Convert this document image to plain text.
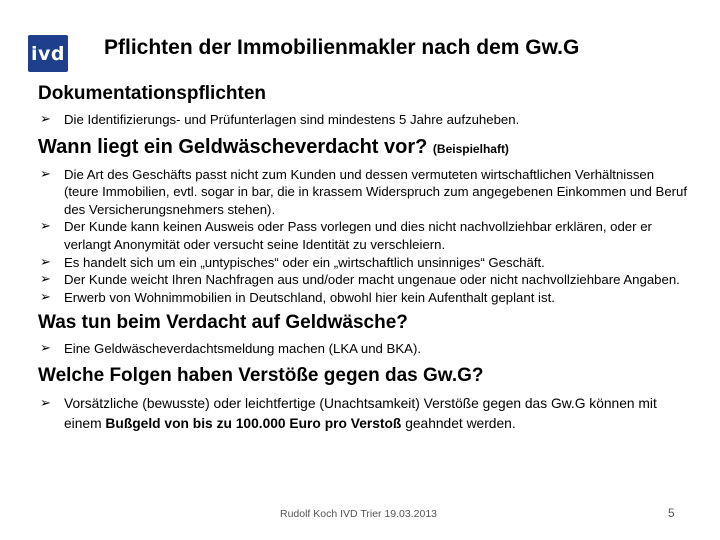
ivd Pflichten der Immobilienmakler nach dem Gw.G
Dokumentationspflichten
➢ Die Identifizierungs- und Prüfunterlagen sind mindestens 5 Jahre aufzuheben.
Wann liegt ein Geldwäscheverdacht vor? (Beispielhaft)
➢ Die Art des Geschäfts passt nicht zum Kunden und dessen vermuteten wirtschaftlichen Verhältnissen (teure Immobilien, evtl. sogar in bar, die in krassem Widerspruch zum angegebenen Einkommen und Beruf des Versicherungsnehmers stehen).
➢ Der Kunde kann keinen Ausweis oder Pass vorlegen und dies nicht nachvollziehbar erklären, oder er verlangt Anonymität oder versucht seine Identität zu verschleiern.
➢ Es handelt sich um ein „untypisches“ oder ein „wirtschaftlich unsinniges“ Geschäft.
➢ Der Kunde weicht Ihren Nachfragen aus und/oder macht ungenaue oder nicht nachvollziehbare Angaben.
➢ Erwerb von Wohnimmobilien in Deutschland, obwohl hier kein Aufenthalt geplant ist.
Was tun beim Verdacht auf Geldwäsche?
➢ Eine Geldwäscheverdachtsmeldung machen (LKA und BKA).
Welche Folgen haben Verstöße gegen das Gw.G?
➢ Vorsätzliche (bewusste) oder leichtfertige (Unachtsamkeit) Verstöße gegen das Gw.G können mit einem Bußgeld von bis zu 100.000 Euro pro Verstoß geahndet werden.
Rudolf Koch IVD Trier 19.03.2013	5
